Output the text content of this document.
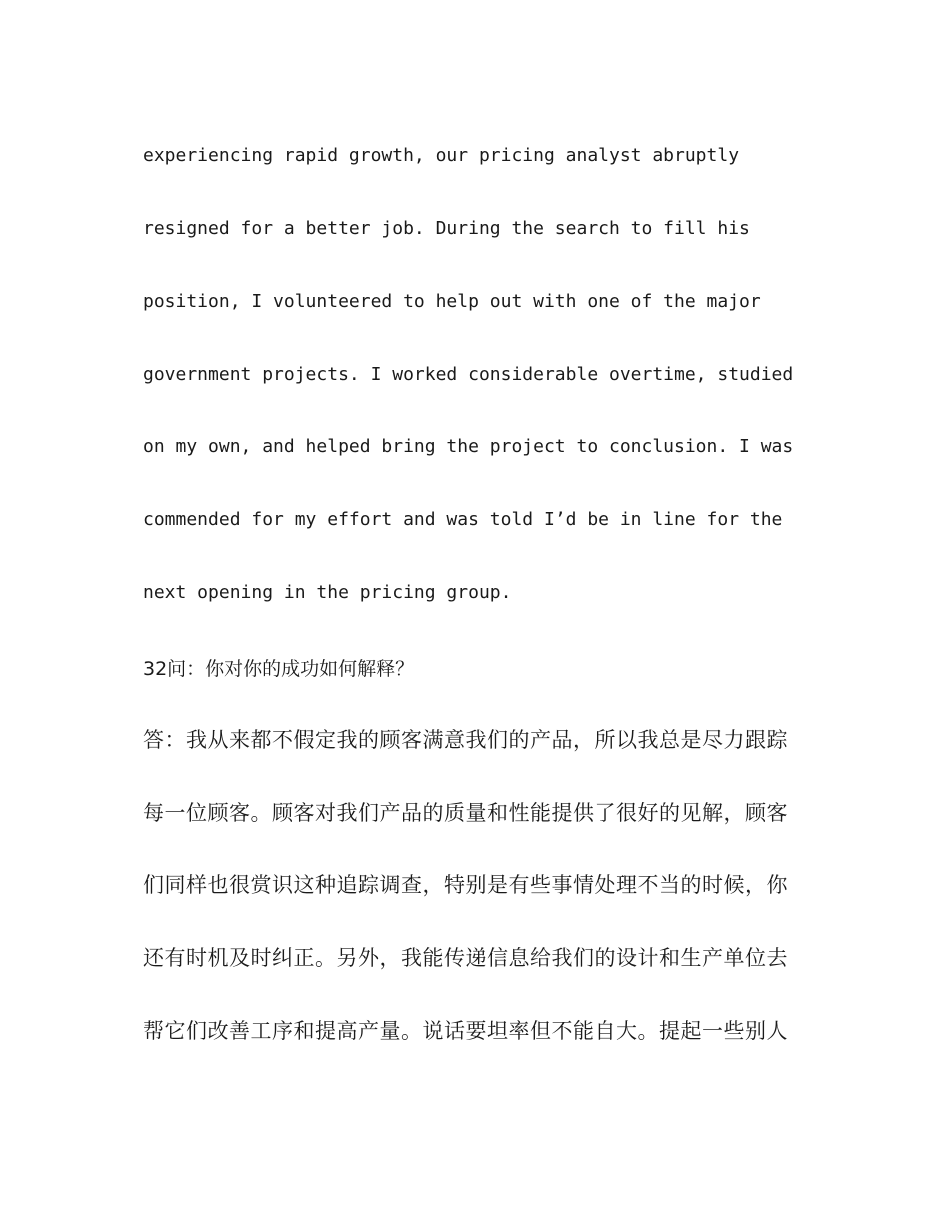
experiencing rapid growth, our pricing analyst abruptly
resigned for a better job. During the search to fill his
position, I volunteered to help out with one of the major
government projects. I worked considerable overtime, studied
on my own, and helped bring the project to conclusion. I was
commended for my effort and was told I’d be in line for the
next opening in the pricing group.
32问：你对你的成功如何解释？
答：我从来都不假定我的顾客满意我们的产品，所以我总是尽力跟踪
每一位顾客。顾客对我们产品的质量和性能提供了很好的见解，顾客
们同样也很赏识这种追踪调查，特别是有些事情处理不当的时候，你
还有时机及时纠正。另外，我能传递信息给我们的设计和生产单位去
帮它们改善工序和提高产量。说话要坦率但不能自大。提起一些别人
